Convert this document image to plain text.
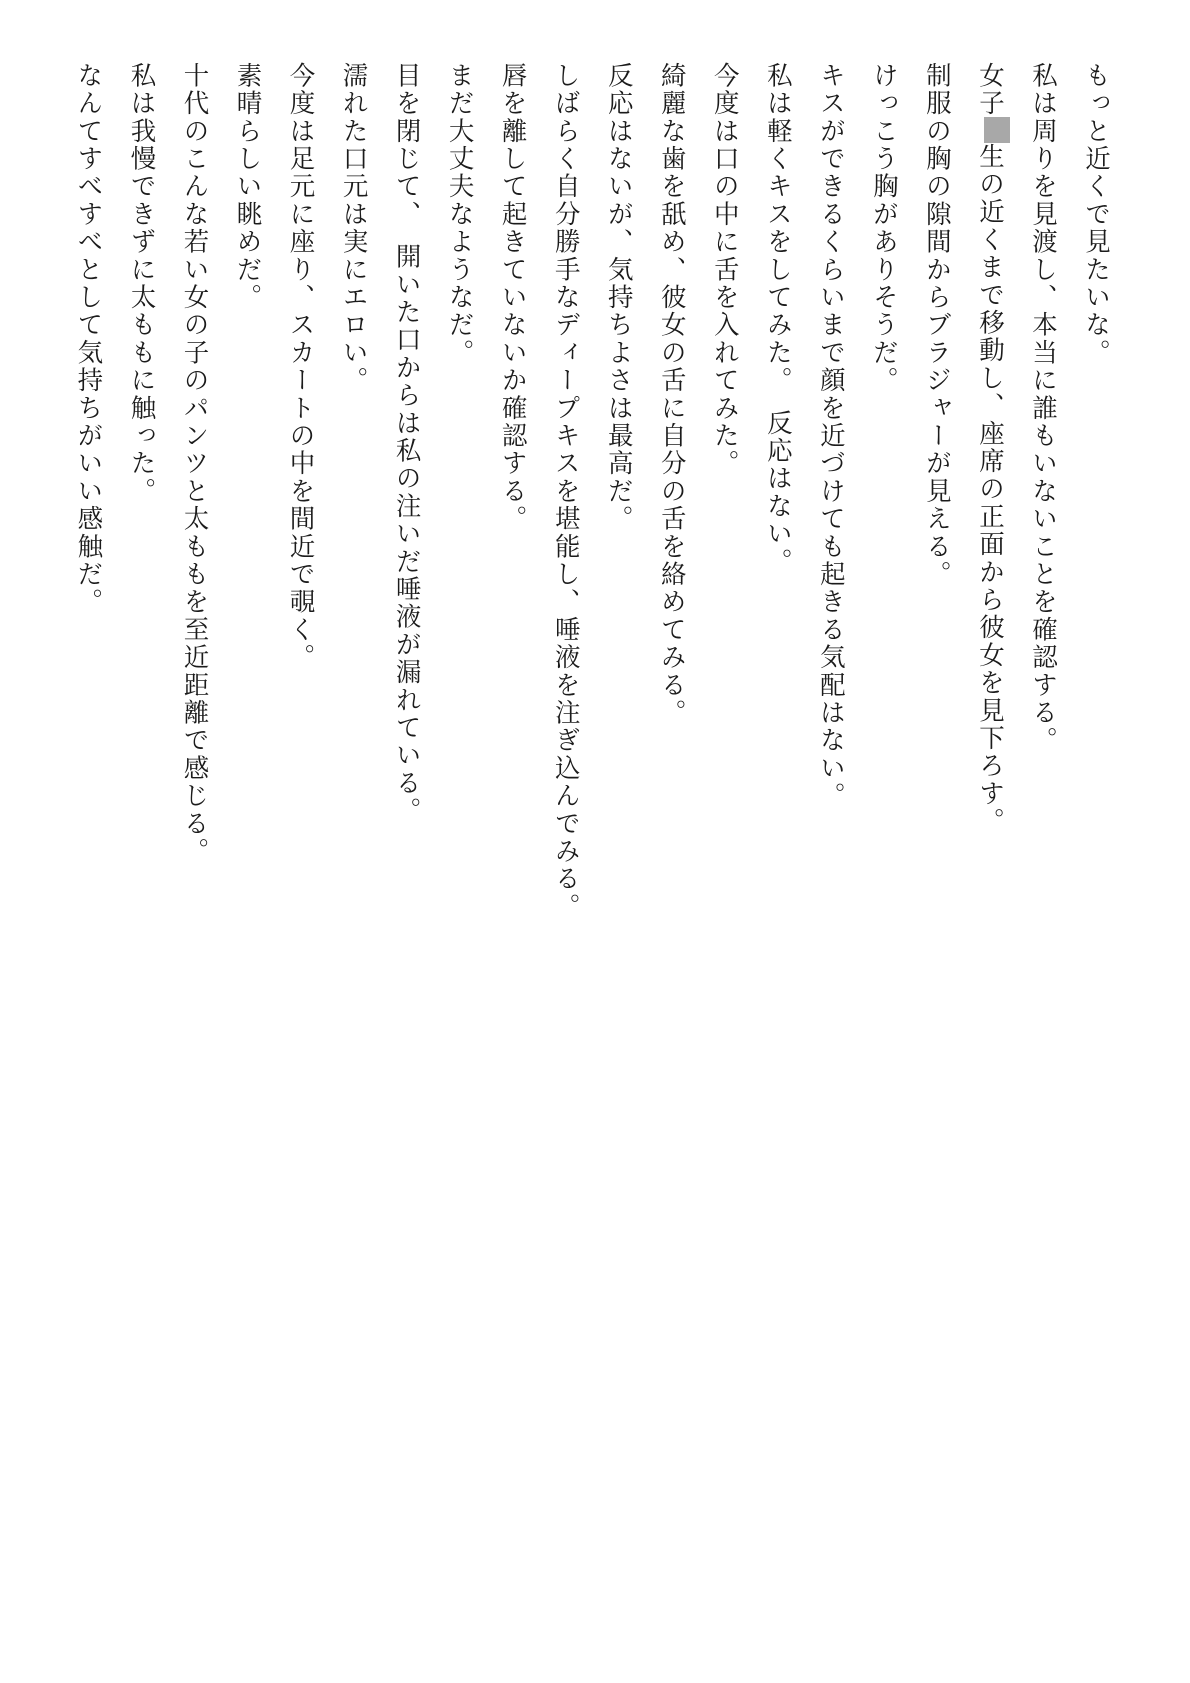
もっと近くで見たいな。
私は周りを見渡し、本当に誰もいないことを確認する。
女子生の近くまで移動し、座席の正面から彼女を見下ろす。
制服の胸の隙間からブラジャーが見える。
けっこう胸がありそうだ。
キスができるくらいまで顔を近づけても起きる気配はない。
私は軽くキスをしてみた。　反応はない。
今度は口の中に舌を入れてみた。
綺麗な歯を舐め、彼女の舌に自分の舌を絡めてみる。
反応はないが、気持ちよさは最高だ。
しばらく自分勝手なディープキスを堪能し、唾液を注ぎ込んでみる。
唇を離して起きていないか確認する。
まだ大丈夫なようなだ。
目を閉じて、　開いた口からは私の注いだ唾液が漏れている。
濡れた口元は実にエロい。
今度は足元に座り、スカートの中を間近で覗く。
素晴らしい眺めだ。
十代のこんな若い女の子のパンツと太ももを至近距離で感じる。
私は我慢できずに太ももに触った。
なんてすべすべとして気持ちがいい感触だ。
